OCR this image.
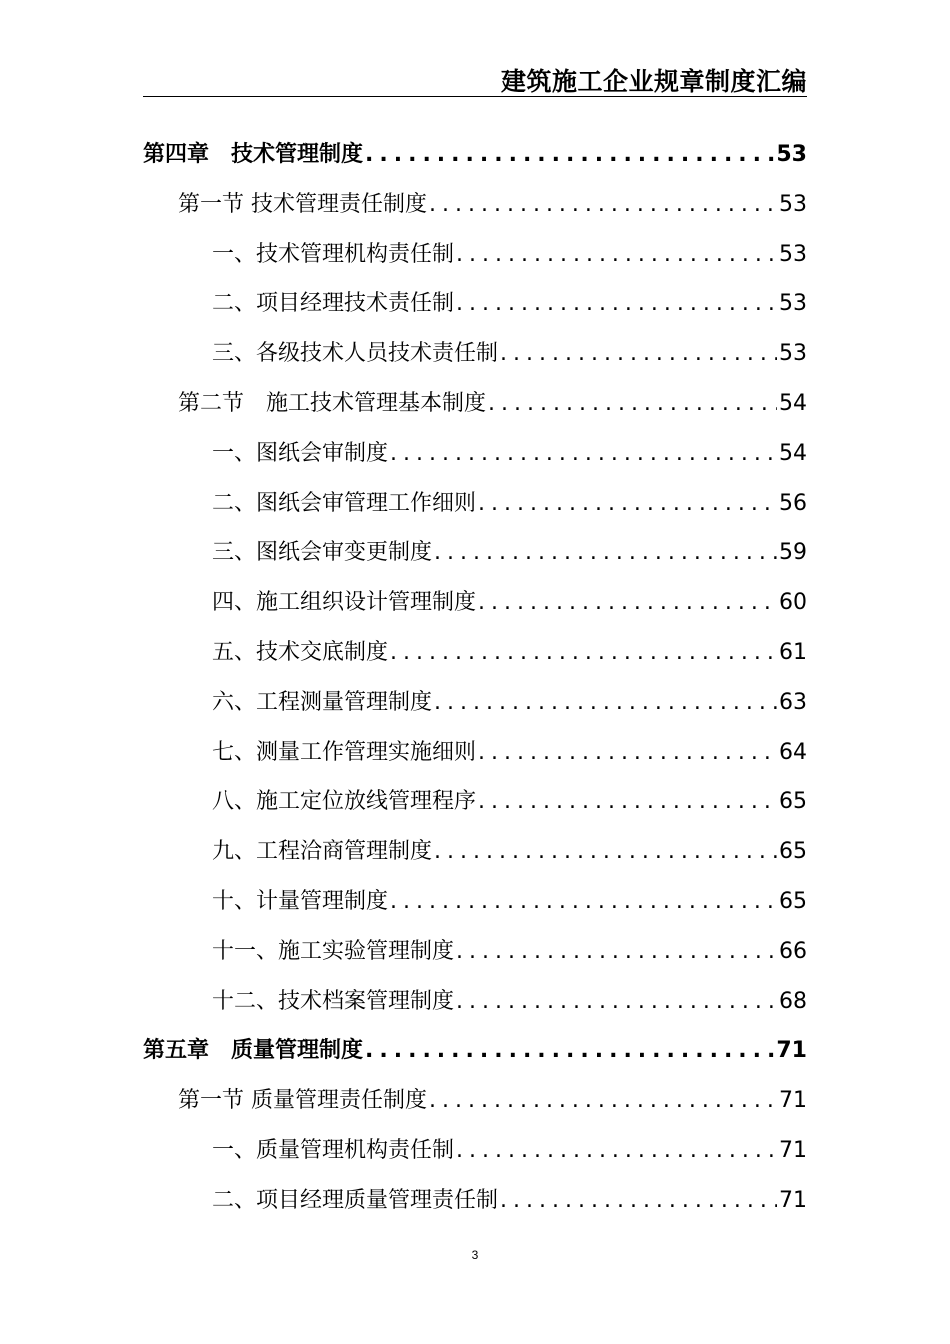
建筑施工企业规章制度汇编
第四章　技术管理制度 .....	53
第一节 技术管理责任制度 .....	53
一、技术管理机构责任制 .....	53
二、项目经理技术责任制 .....	53
三、各级技术人员技术责任制 .....	53
第二节　施工技术管理基本制度 .....	54
一、图纸会审制度 .....	54
二、图纸会审管理工作细则 .....	56
三、图纸会审变更制度 .....	59
四、施工组织设计管理制度 .....	60
五、技术交底制度 .....	61
六、工程测量管理制度 .....	63
七、测量工作管理实施细则 .....	64
八、施工定位放线管理程序 .....	65
九、工程洽商管理制度 .....	65
十、计量管理制度 .....	65
十一、施工实验管理制度 .....	66
十二、技术档案管理制度 .....	68
第五章　质量管理制度 .....	71
第一节 质量管理责任制度 .....	71
一、质量管理机构责任制 .....	71
二、项目经理质量管理责任制 .....	71
3
